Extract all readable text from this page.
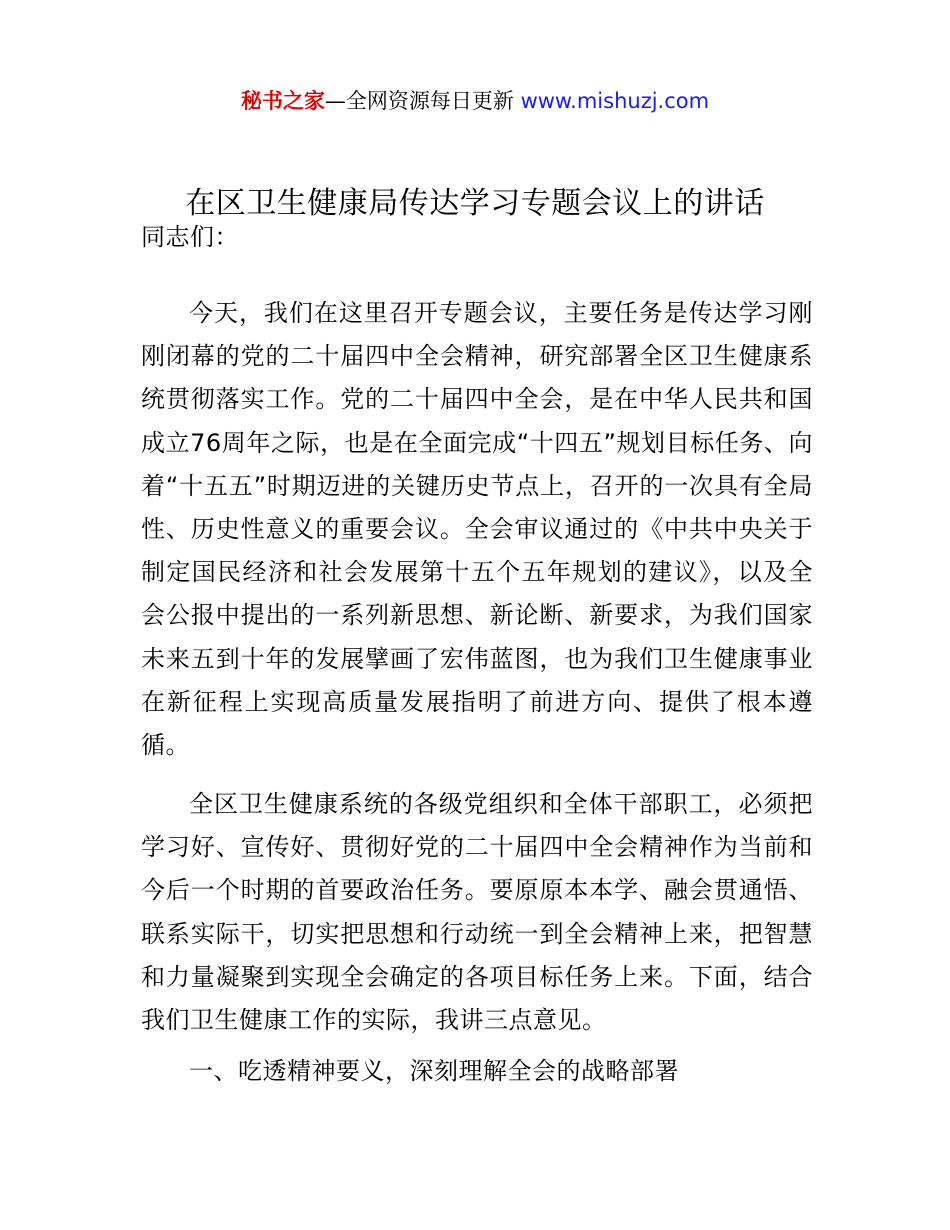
秘书之家—全网资源每日更新 www.mishuzj.com
在区卫生健康局传达学习专题会议上的讲话
同志们：
今天，我们在这里召开专题会议，主要任务是传达学习刚刚闭幕的党的二十届四中全会精神，研究部署全区卫生健康系统贯彻落实工作。党的二十届四中全会，是在中华人民共和国成立76周年之际，也是在全面完成“十四五”规划目标任务、向着“十五五”时期迈进的关键历史节点上，召开的一次具有全局性、历史性意义的重要会议。全会审议通过的《中共中央关于制定国民经济和社会发展第十五个五年规划的建议》，以及全会公报中提出的一系列新思想、新论断、新要求，为我们国家未来五到十年的发展擘画了宏伟蓝图，也为我们卫生健康事业在新征程上实现高质量发展指明了前进方向、提供了根本遵循。
全区卫生健康系统的各级党组织和全体干部职工，必须把学习好、宣传好、贯彻好党的二十届四中全会精神作为当前和今后一个时期的首要政治任务。要原原本本学、融会贯通悟、联系实际干，切实把思想和行动统一到全会精神上来，把智慧和力量凝聚到实现全会确定的各项目标任务上来。下面，结合我们卫生健康工作的实际，我讲三点意见。
一、吃透精神要义，深刻理解全会的战略部署
